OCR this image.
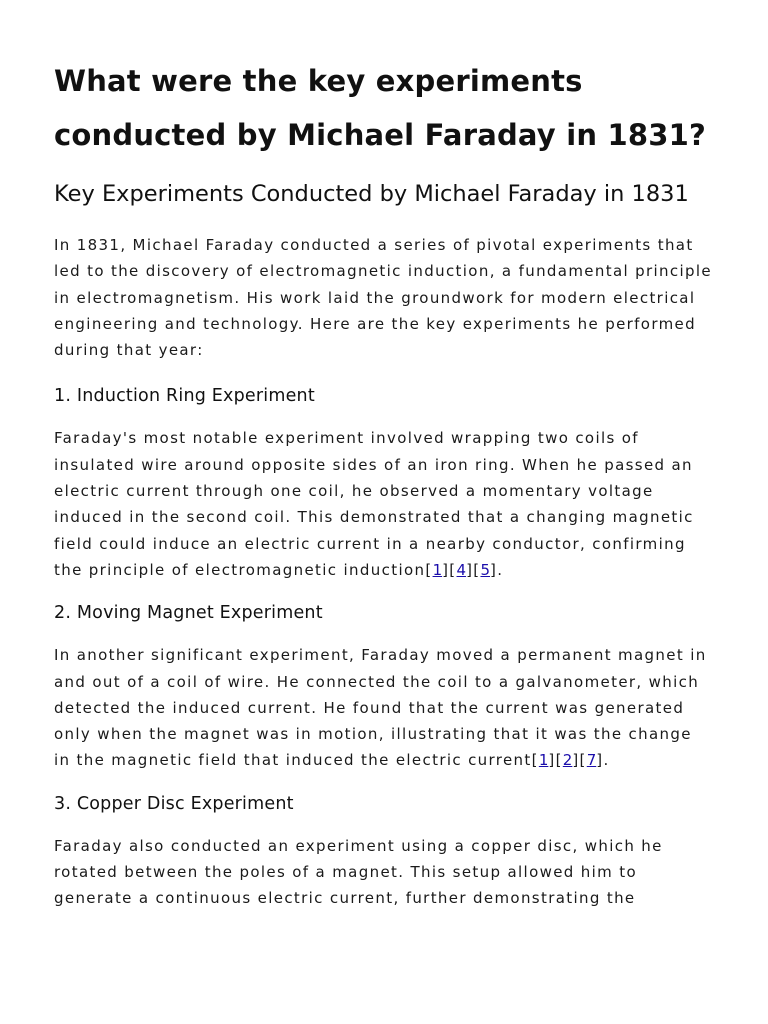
What were the key experiments conducted by Michael Faraday in 1831?
Key Experiments Conducted by Michael Faraday in 1831

In 1831, Michael Faraday conducted a series of pivotal experiments that led to the discovery of electromagnetic induction, a fundamental principle in electromagnetism. His work laid the groundwork for modern electrical engineering and technology. Here are the key experiments he performed during that year:

1. Induction Ring Experiment

Faraday's most notable experiment involved wrapping two coils of insulated wire around opposite sides of an iron ring. When he passed an electric current through one coil, he observed a momentary voltage induced in the second coil. This demonstrated that a changing magnetic field could induce an electric current in a nearby conductor, confirming the principle of electromagnetic induction[1][4][5].

2. Moving Magnet Experiment

In another significant experiment, Faraday moved a permanent magnet in and out of a coil of wire. He connected the coil to a galvanometer, which detected the induced current. He found that the current was generated only when the magnet was in motion, illustrating that it was the change in the magnetic field that induced the electric current[1][2][7].

3. Copper Disc Experiment

Faraday also conducted an experiment using a copper disc, which he rotated between the poles of a magnet. This setup allowed him to generate a continuous electric current, further demonstrating the
